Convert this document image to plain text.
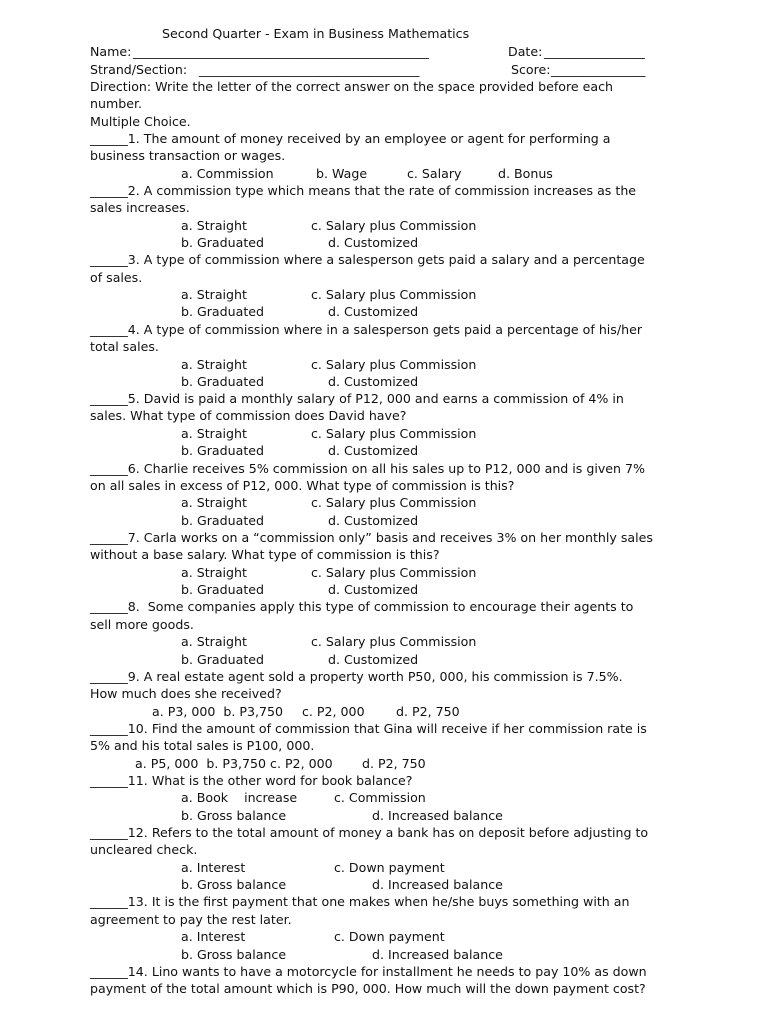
Second Quarter - Exam in Business Mathematics
Name: _______________________________________________	Date: ________________
Strand/Section: ___________________________________	Score: _______________
Direction: Write the letter of the correct answer on the space provided before each
number.
Multiple Choice.
______1. The amount of money received by an employee or agent for performing a
business transaction or wages.
a. Commission	b. Wage	c. Salary	d. Bonus
______2. A commission type which means that the rate of commission increases as the
sales increases.
a. Straight	c. Salary plus Commission
b. Graduated	d. Customized
______3. A type of commission where a salesperson gets paid a salary and a percentage
of sales.
a. Straight	c. Salary plus Commission
b. Graduated	d. Customized
______4. A type of commission where in a salesperson gets paid a percentage of his/her
total sales.
a. Straight	c. Salary plus Commission
b. Graduated	d. Customized
______5. David is paid a monthly salary of P12, 000 and earns a commission of 4% in
sales. What type of commission does David have?
a. Straight	c. Salary plus Commission
b. Graduated	d. Customized
______6. Charlie receives 5% commission on all his sales up to P12, 000 and is given 7%
on all sales in excess of P12, 000. What type of commission is this?
a. Straight	c. Salary plus Commission
b. Graduated	d. Customized
______7. Carla works on a “commission only” basis and receives 3% on her monthly sales
without a base salary. What type of commission is this?
a. Straight	c. Salary plus Commission
b. Graduated	d. Customized
______8.  Some companies apply this type of commission to encourage their agents to
sell more goods.
a. Straight	c. Salary plus Commission
b. Graduated	d. Customized
______9. A real estate agent sold a property worth P50, 000, his commission is 7.5%.
How much does she received?
a. P3, 000  b. P3,750 c. P2, 000 d. P2, 750
______10. Find the amount of commission that Gina will receive if her commission rate is
5% and his total sales is P100, 000.
a. P5, 000  b. P3,750 c. P2, 000 d. P2, 750
______11. What is the other word for book balance?
a. Book    increase	c. Commission
b. Gross balance	d. Increased balance
______12. Refers to the total amount of money a bank has on deposit before adjusting to
uncleared check.
a. Interest	c. Down payment
b. Gross balance	d. Increased balance
______13. It is the first payment that one makes when he/she buys something with an
agreement to pay the rest later.
a. Interest	c. Down payment
b. Gross balance	d. Increased balance
______14. Lino wants to have a motorcycle for installment he needs to pay 10% as down
payment of the total amount which is P90, 000. How much will the down payment cost?
